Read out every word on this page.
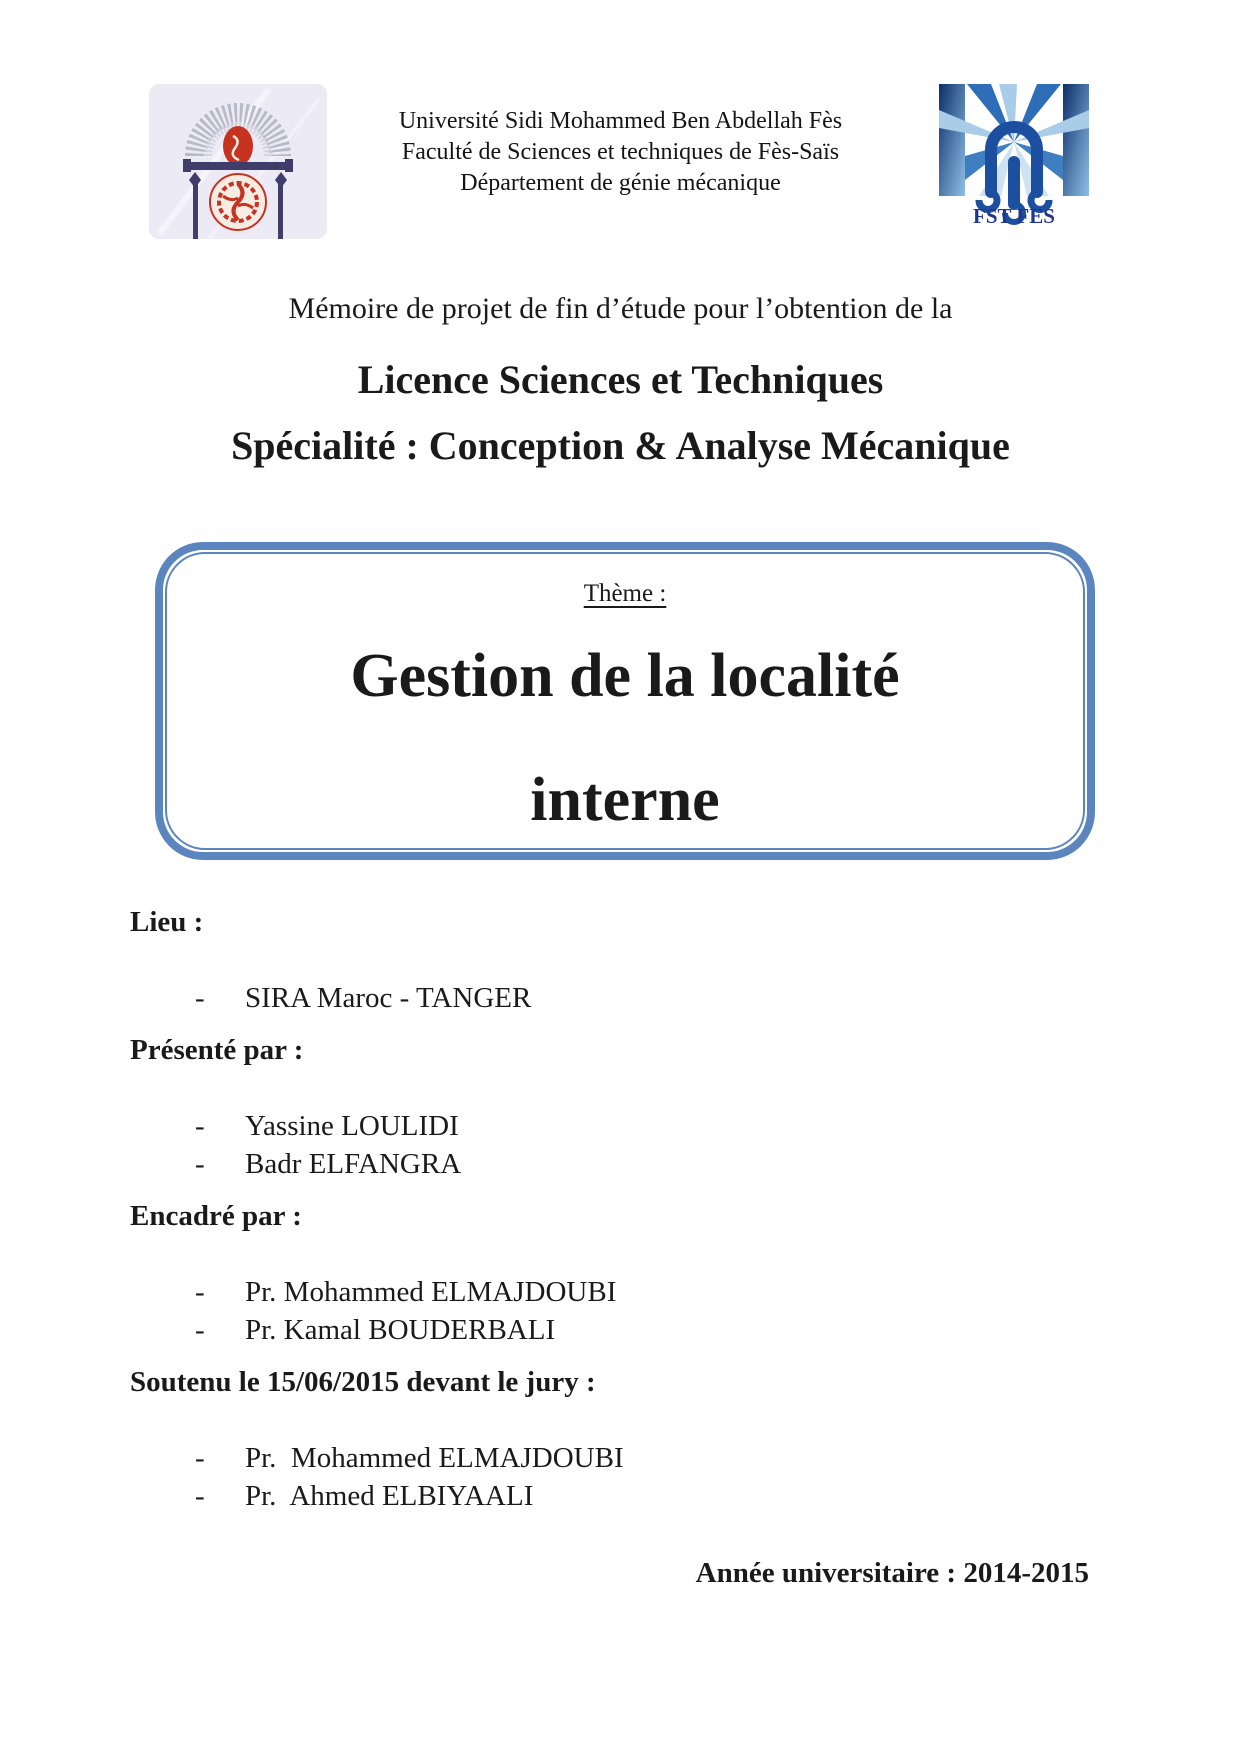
Université Sidi Mohammed Ben Abdellah Fès
Faculté de Sciences et techniques de Fès-Saïs
Département de génie mécanique
FST FES
Mémoire de projet de fin d’étude pour l’obtention de la
Licence Sciences et Techniques
Spécialité : Conception & Analyse Mécanique
Thème :
Gestion de la localité
interne
Lieu :
-	SIRA Maroc - TANGER
Présenté par :
-	Yassine LOULIDI
-	Badr ELFANGRA
Encadré par :
-	Pr. Mohammed ELMAJDOUBI
-	Pr. Kamal BOUDERBALI
Soutenu le 15/06/2015 devant le jury :
-	Pr.  Mohammed ELMAJDOUBI
-	Pr.  Ahmed ELBIYAALI
Année universitaire : 2014-2015
